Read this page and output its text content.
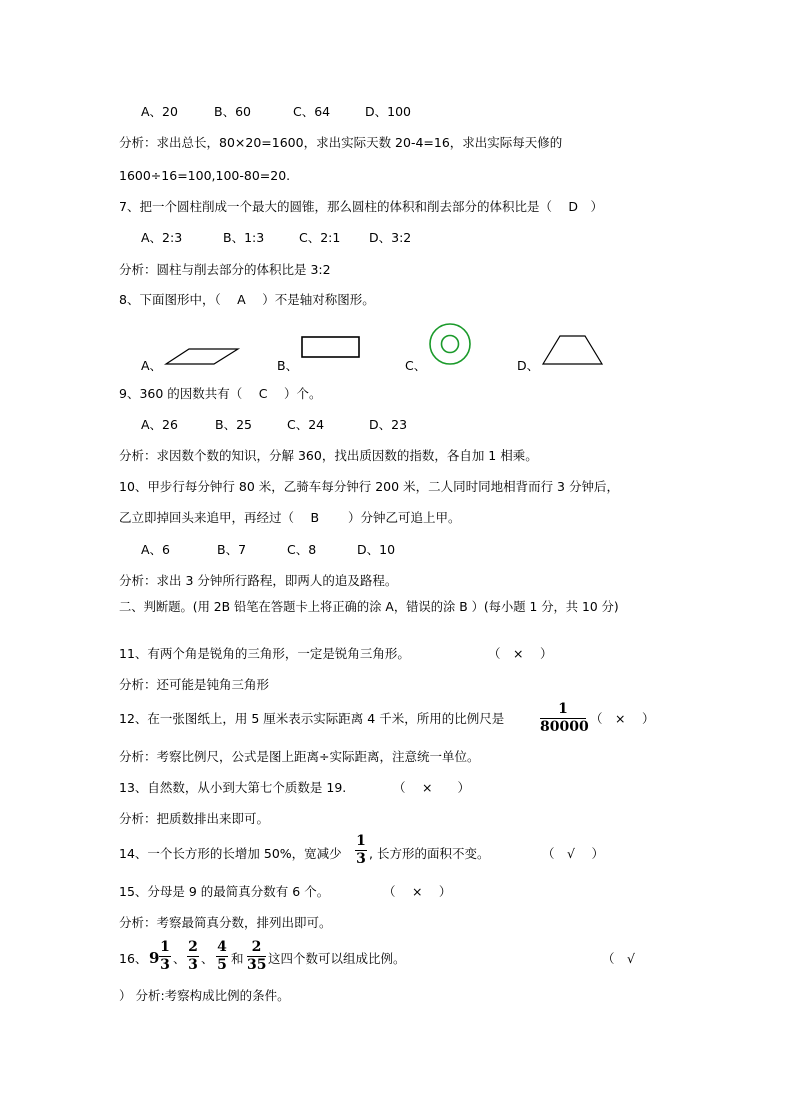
A、20	B、60	C、64	D、100
分析：求出总长，80×20=1600，求出实际天数 20-4=16，求出实际每天修的
1600÷16=100,100-80=20.
7、把一个圆柱削成一个最大的圆锥，那么圆柱的体积和削去部分的体积比是（　 D　）
A、2:3	B、1:3	C、2:1 D、3:2
分析：圆柱与削去部分的体积比是 3:2
8、下面图形中，（　 A　 ）不是轴对称图形。
A、	B、	C、	D、
9、360 的因数共有（　 C　 ）个。
A、26	B、25	C、24	D、23
分析：求因数个数的知识，分解 360，找出质因数的指数，各自加 1 相乘。
10、甲步行每分钟行 80 米，乙骑车每分钟行 200 米，二人同时同地相背而行 3 分钟后，
乙立即掉回头来追甲，再经过（　 B　　 ）分钟乙可追上甲。
A、6	B、7	C、8	D、10
分析：求出 3 分钟所行路程，即两人的追及路程。
二、判断题。(用 2B 铅笔在答题卡上将正确的涂 A，错误的涂 B ）(每小题 1 分，共 10 分)
11、有两个角是锐角的三角形，一定是锐角三角形。	（　×　 ）
分析：还可能是钝角三角形
12、在一张图纸上，用 5 厘米表示实际距离 4 千米，所用的比例尺是
1
80000
（　×　 ）
分析：考察比例尺，公式是图上距离÷实际距离，注意统一单位。
13、自然数，从小到大第七个质数是 19.	（　 ×　　）
分析：把质数排出来即可。
14、一个长方形的长增加 50%，宽减少
1
3 , 长方形的面积不变。	（　√　 ）
15、分母是 9 的最简真分数有 6 个。	（　 ×　 ）
分析：考察最简真分数，排列出即可。
16、 9
1
3 、
2
3 、
4
5 和
2
35 这四个数可以组成比例。	（　√
） 分析:考察构成比例的条件。
